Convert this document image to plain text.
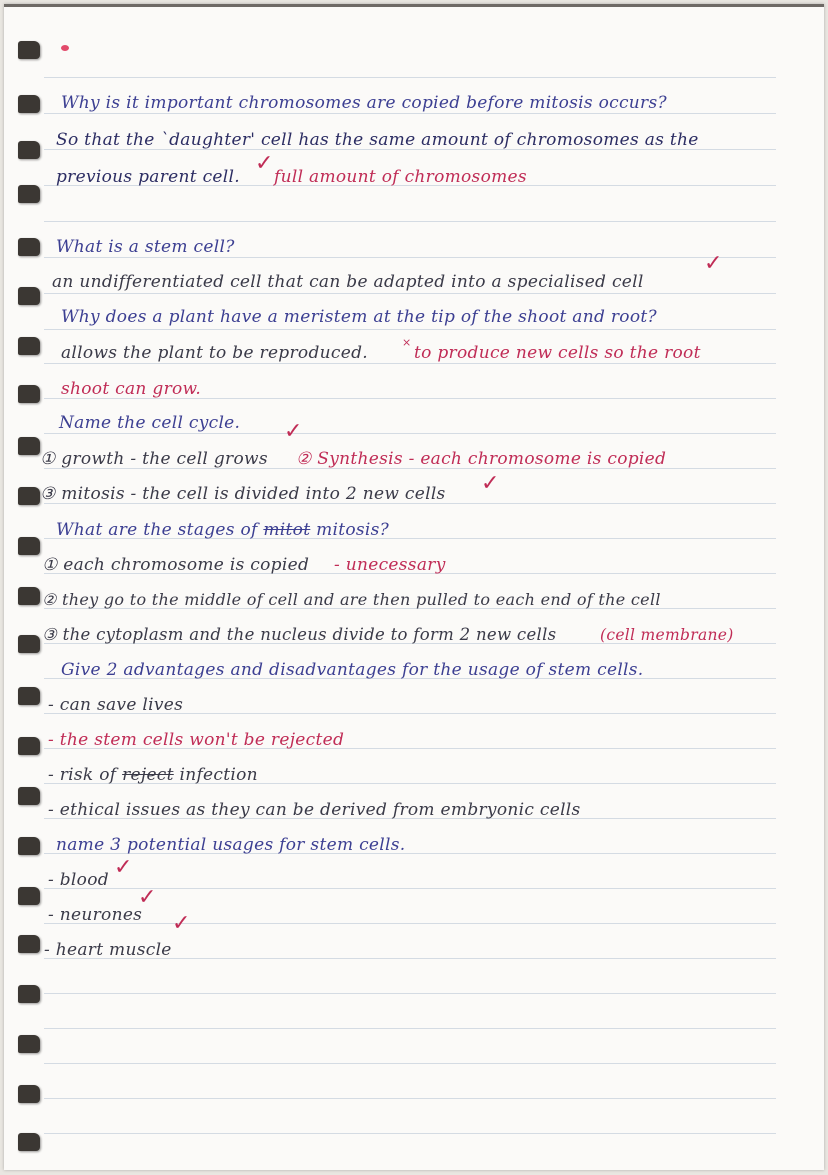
Why is it important chromosomes are copied before mitosis occurs?
So that the `daughter' cell has the same amount of chromosomes as the
previous parent cell.
✓
full amount of chromosomes
What is a stem cell?
an undifferentiated cell that can be adapted into a specialised cell
✓
Why does a plant have a meristem at the tip of the shoot and root?
allows the plant to be reproduced.
×
to produce new cells so the root
shoot can grow.
Name the cell cycle. ✓
① growth - the cell grows ② Synthesis - each chromosome is copied
③ mitosis - the cell is divided into 2 new cells ✓
What are the stages of mitot mitosis?
① each chromosome is copied - unecessary
② they go to the middle of cell and are then pulled to each end of the cell
③ the cytoplasm and the nucleus divide to form 2 new cells	(cell membrane)
Give 2 advantages and disadvantages for the usage of stem cells.
- can save lives
- the stem cells won't be rejected
- risk of reject infection
- ethical issues as they can be derived from embryonic cells
name 3 potential usages for stem cells.
- blood ✓
- neurones
✓
- heart muscle
✓
